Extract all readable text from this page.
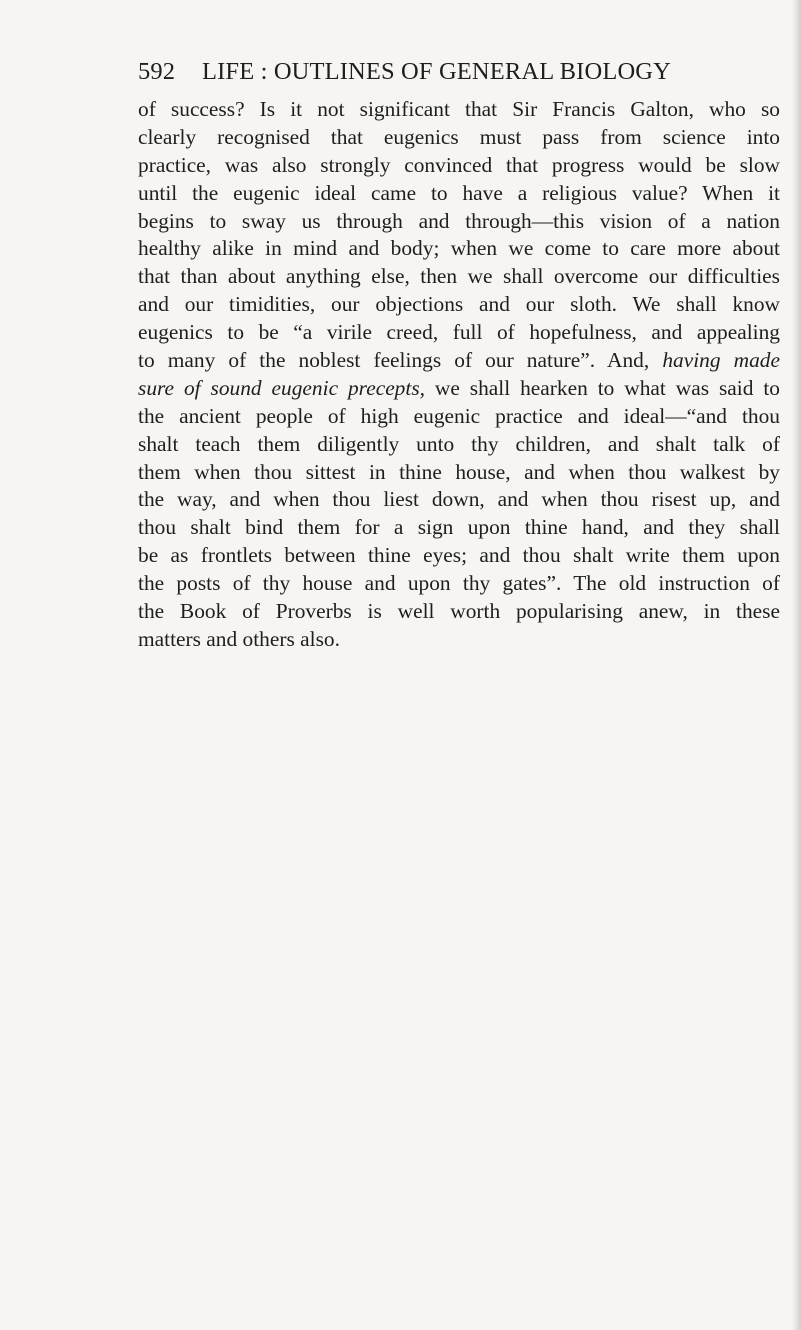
592 LIFE : OUTLINES OF GENERAL BIOLOGY
of success? Is it not significant that Sir Francis Galton, who so
clearly recognised that eugenics must pass from science into
practice, was also strongly convinced that progress would be slow
until the eugenic ideal came to have a religious value? When it
begins to sway us through and through—this vision of a nation
healthy alike in mind and body; when we come to care more about
that than about anything else, then we shall overcome our difficulties
and our timidities, our objections and our sloth. We shall know
eugenics to be “a virile creed, full of hopefulness, and appealing
to many of the noblest feelings of our nature”. And, having made
sure of sound eugenic precepts, we shall hearken to what was said to
the ancient people of high eugenic practice and ideal—“and thou
shalt teach them diligently unto thy children, and shalt talk of
them when thou sittest in thine house, and when thou walkest by
the way, and when thou liest down, and when thou risest up, and
thou shalt bind them for a sign upon thine hand, and they shall
be as frontlets between thine eyes; and thou shalt write them upon
the posts of thy house and upon thy gates”. The old instruction of
the Book of Proverbs is well worth popularising anew, in these
matters and others also.
